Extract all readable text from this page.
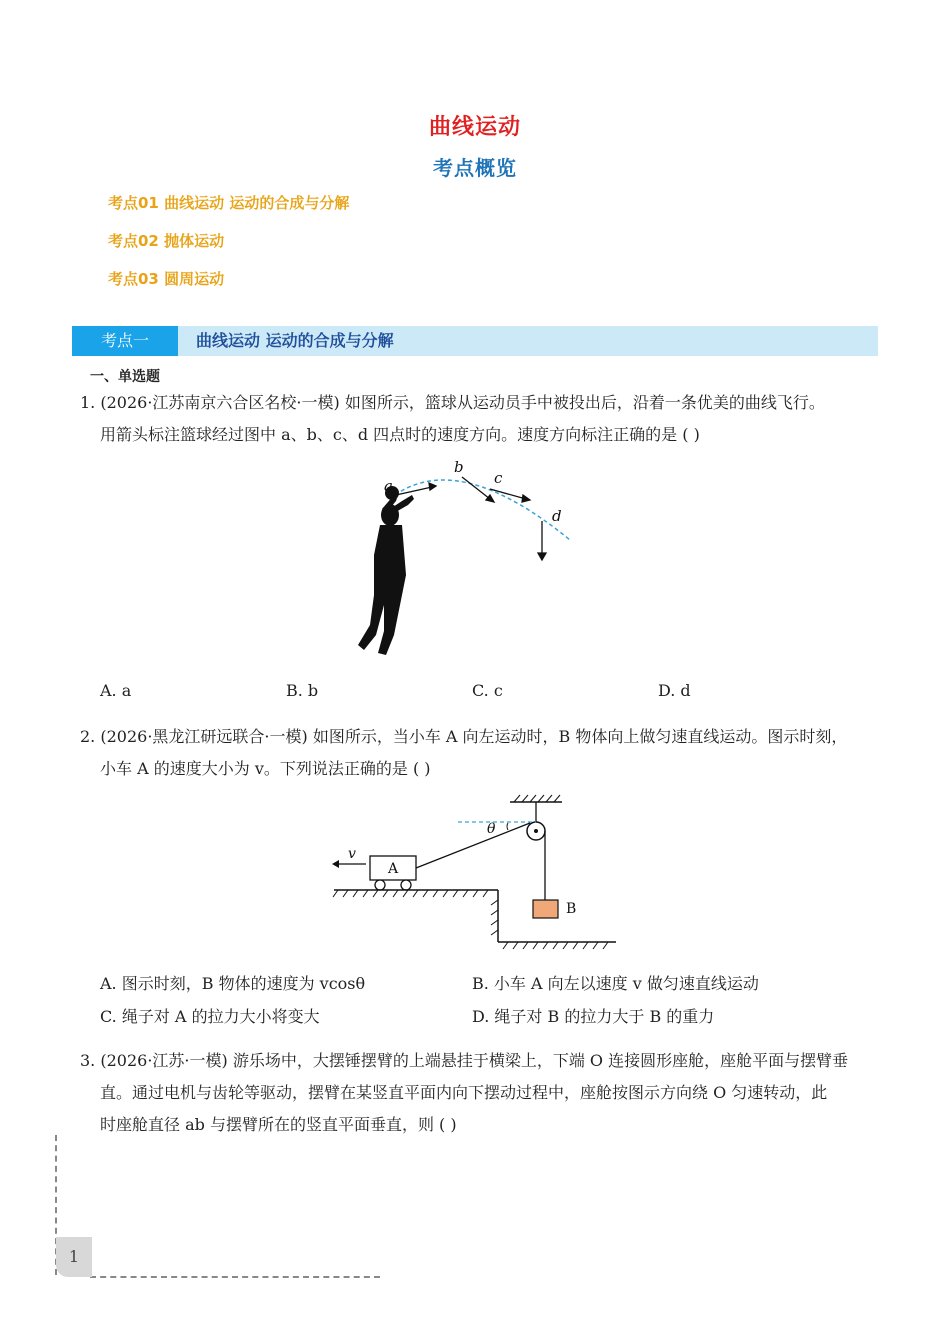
曲线运动
考点概览
考点01 曲线运动 运动的合成与分解
考点02 抛体运动
考点03 圆周运动
考点一	曲线运动 运动的合成与分解
一、单选题
1. (2026·江苏南京六合区名校·一模) 如图所示，篮球从运动员手中被投出后，沿着一条优美的曲线飞行。
用箭头标注篮球经过图中 a、b、c、d 四点时的速度方向。速度方向标注正确的是 ( )
a
b
c
d
A. a	B. b	C. c	D. d
2. (2026·黑龙江研远联合·一模) 如图所示，当小车 A 向左运动时，B 物体向上做匀速直线运动。图示时刻，
小车 A 的速度大小为 v。下列说法正确的是 ( )
A
B
v
θ
A. 图示时刻，B 物体的速度为 vcosθ	B. 小车 A 向左以速度 v 做匀速直线运动
C. 绳子对 A 的拉力大小将变大	D. 绳子对 B 的拉力大于 B 的重力
3. (2026·江苏·一模) 游乐场中，大摆锤摆臂的上端悬挂于横梁上，下端 O 连接圆形座舱，座舱平面与摆臂垂
直。通过电机与齿轮等驱动，摆臂在某竖直平面内向下摆动过程中，座舱按图示方向绕 O 匀速转动，此
时座舱直径 ab 与摆臂所在的竖直平面垂直，则 ( )
1
